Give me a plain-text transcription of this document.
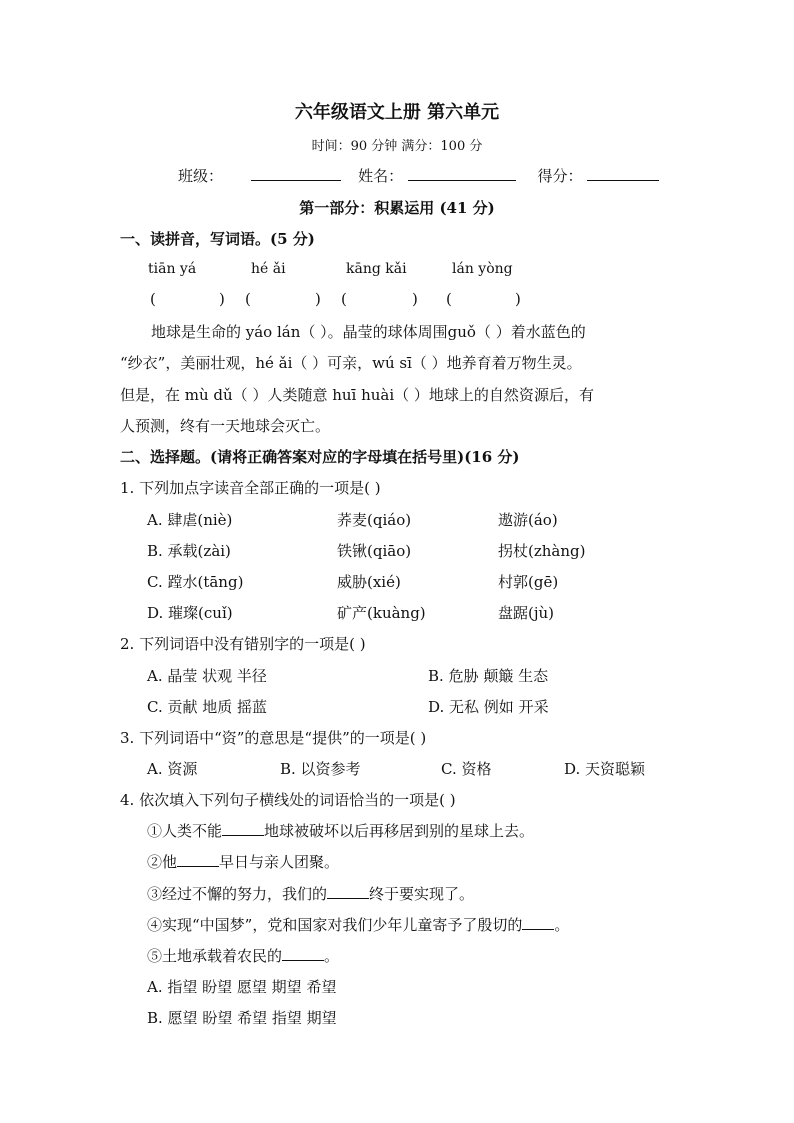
六年级语文上册 第六单元
时间：90 分钟 满分：100 分
班级：	姓名：	得分：
第一部分：积累运用 (41 分)
一、读拼音，写词语。(5 分)
tiān yá	hé ǎi	kāng kǎi	lán yòng
(	) (	) (	) (	)
地球是生命的 yáo lán（ ）。晶莹的球体周围guǒ（ ）着水蓝色的
“纱衣”，美丽壮观，hé ǎi（ ）可亲，wú sī（ ）地养育着万物生灵。
但是，在 mù dǔ（ ）人类随意 huī huài（ ）地球上的自然资源后，有
人预测，终有一天地球会灭亡。
二、选择题。(请将正确答案对应的字母填在括号里)(16 分)
1. 下列加点字读音全部正确的一项是( )
A. 肆虐(niè)	荞麦(qiáo)	遨游(áo)
B. 承载(zài)	铁锹(qiāo)	拐杖(zhàng)
C. 蹚水(tāng)	威胁(xié)	村郭(gē)
D. 璀璨(cuǐ)	矿产(kuàng)	盘踞(jù)
2. 下列词语中没有错别字的一项是( )
A. 晶莹 状观 半径	B. 危胁 颠簸 生态
C. 贡献 地质 摇蓝	D. 无私 例如 开采
3. 下列词语中“资”的意思是“提供”的一项是( )
A. 资源	B. 以资参考	C. 资格	D. 天资聪颖
4. 依次填入下列句子横线处的词语恰当的一项是( )
①人类不能	地球被破坏以后再移居到别的星球上去。
②他	早日与亲人团聚。
③经过不懈的努力，我们的	终于要实现了。
④实现“中国梦”，党和国家对我们少年儿童寄予了殷切的 。
⑤土地承载着农民的	。
A. 指望 盼望 愿望 期望 希望
B. 愿望 盼望 希望 指望 期望
